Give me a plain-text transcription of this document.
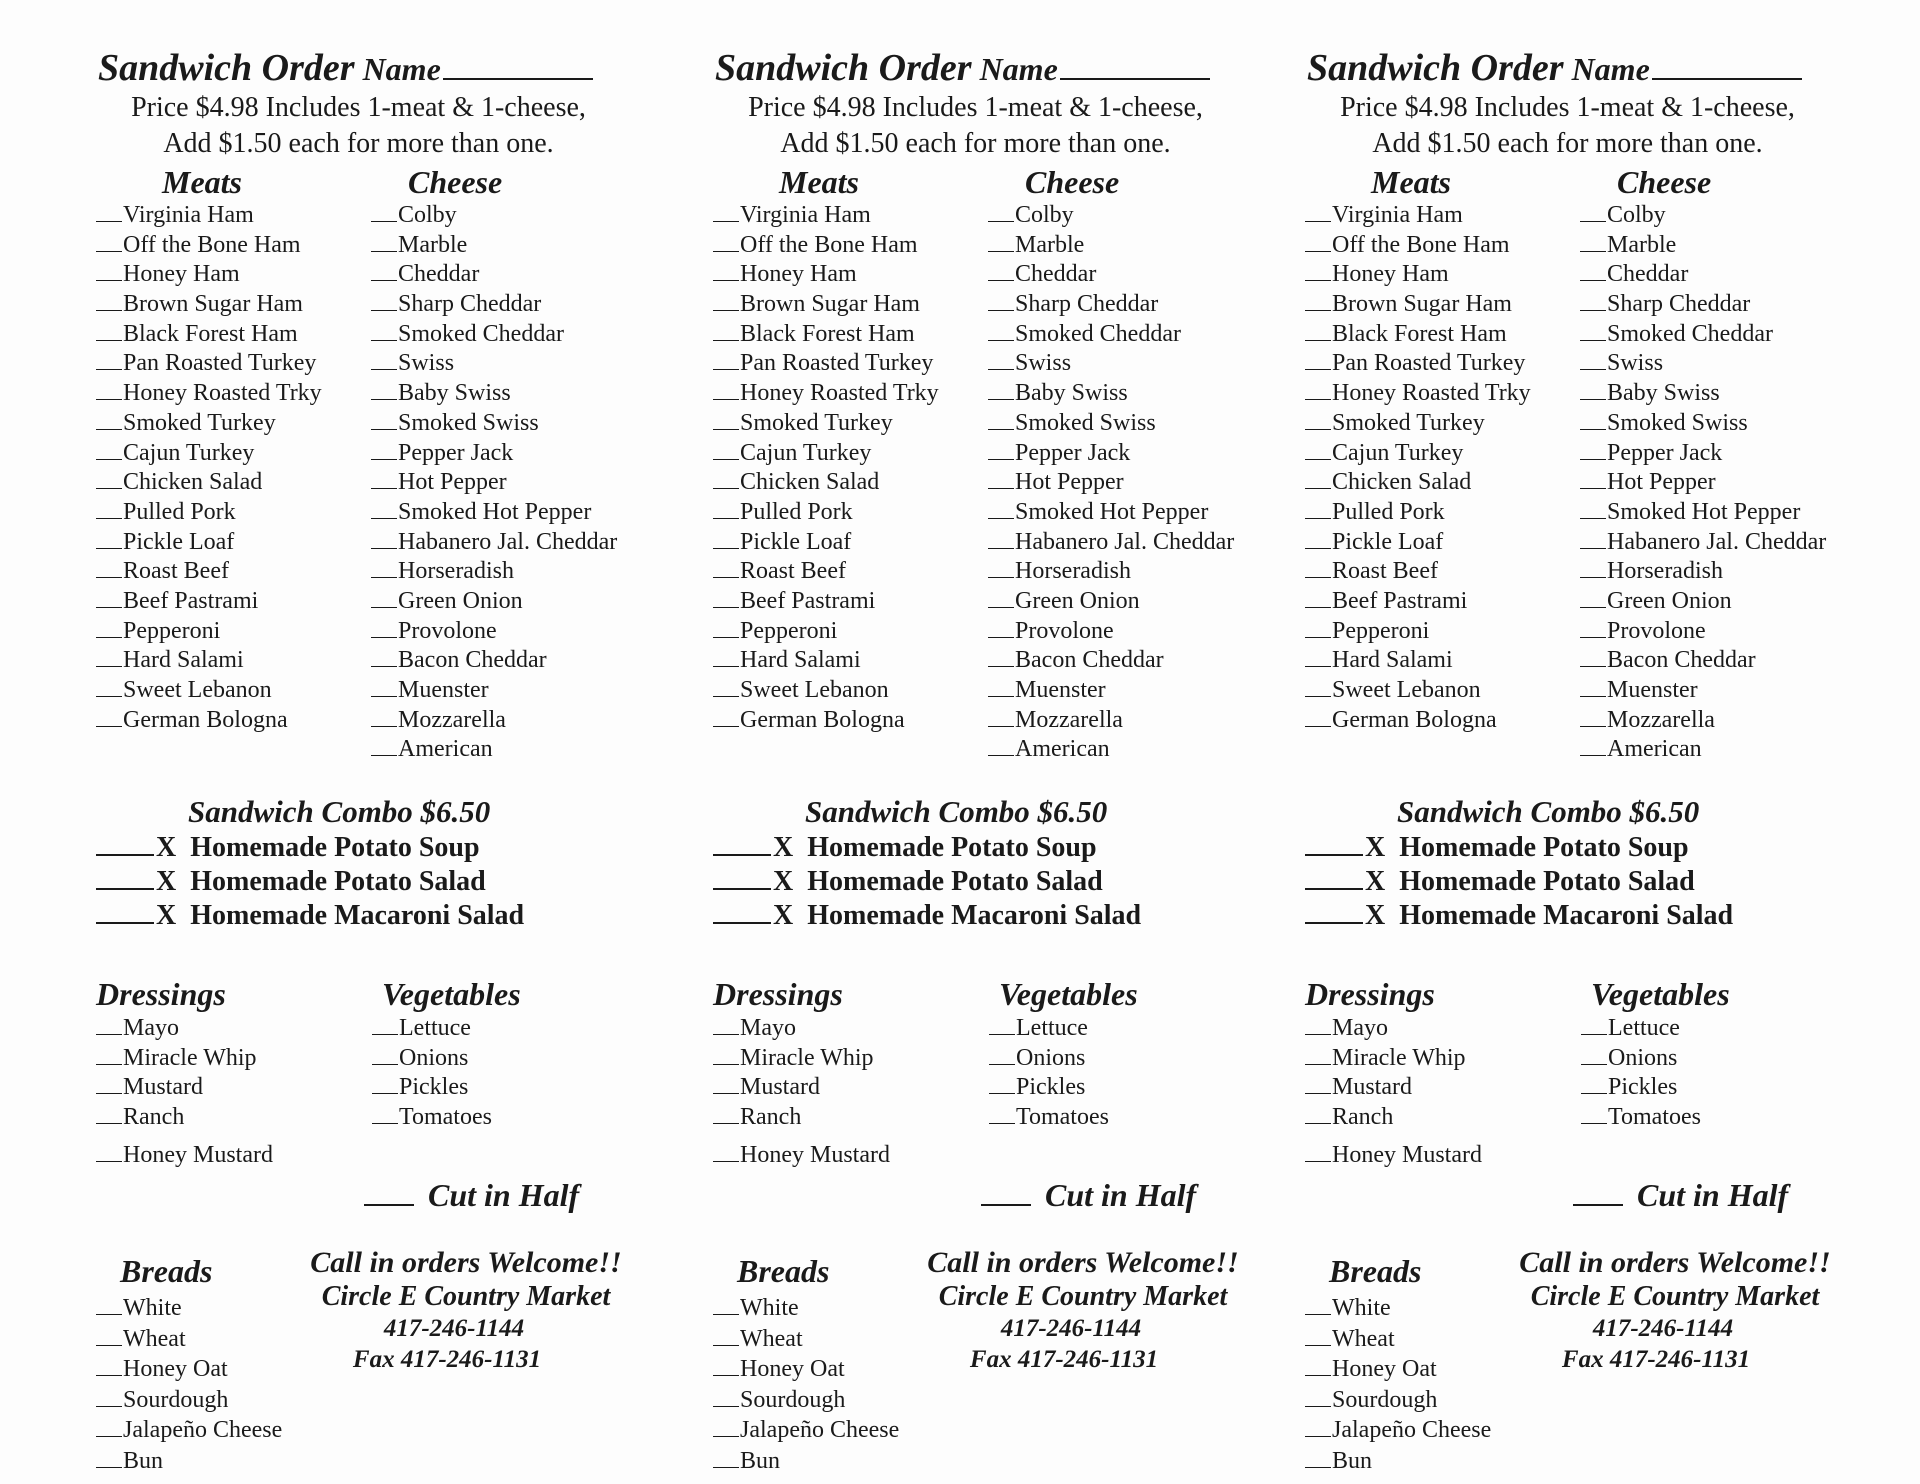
Sandwich Order Name
Price $4.98 Includes 1-meat & 1-cheese,
Add $1.50 each for more than one.
Meats	Cheese
Virginia Ham
Off the Bone Ham
Honey Ham
Brown Sugar Ham
Black Forest Ham
Pan Roasted Turkey
Honey Roasted Trky
Smoked Turkey
Cajun Turkey
Chicken Salad
Pulled Pork
Pickle Loaf
Roast Beef
Beef Pastrami
Pepperoni
Hard Salami
Sweet Lebanon
German Bologna
Colby
Marble
Cheddar
Sharp Cheddar
Smoked Cheddar
Swiss
Baby Swiss
Smoked Swiss
Pepper Jack
Hot Pepper
Smoked Hot Pepper
Habanero Jal. Cheddar
Horseradish
Green Onion
Provolone
Bacon Cheddar
Muenster
Mozzarella
American
Sandwich Combo $6.50
X  Homemade Potato Soup
X  Homemade Potato Salad
X  Homemade Macaroni Salad
Dressings	Vegetables
Mayo
Miracle Whip
Mustard
Ranch
Honey Mustard
Lettuce
Onions
Pickles
Tomatoes
Cut in Half
Breads
White
Wheat
Honey Oat
Sourdough
Jalapeño Cheese
Bun
Call in orders Welcome!!
Circle E Country Market
417-246-1144
Fax 417-246-1131
Sandwich Order Name
Price $4.98 Includes 1-meat & 1-cheese,
Add $1.50 each for more than one.
Meats	Cheese
Virginia Ham
Off the Bone Ham
Honey Ham
Brown Sugar Ham
Black Forest Ham
Pan Roasted Turkey
Honey Roasted Trky
Smoked Turkey
Cajun Turkey
Chicken Salad
Pulled Pork
Pickle Loaf
Roast Beef
Beef Pastrami
Pepperoni
Hard Salami
Sweet Lebanon
German Bologna
Colby
Marble
Cheddar
Sharp Cheddar
Smoked Cheddar
Swiss
Baby Swiss
Smoked Swiss
Pepper Jack
Hot Pepper
Smoked Hot Pepper
Habanero Jal. Cheddar
Horseradish
Green Onion
Provolone
Bacon Cheddar
Muenster
Mozzarella
American
Sandwich Combo $6.50
X  Homemade Potato Soup
X  Homemade Potato Salad
X  Homemade Macaroni Salad
Dressings	Vegetables
Mayo
Miracle Whip
Mustard
Ranch
Honey Mustard
Lettuce
Onions
Pickles
Tomatoes
Cut in Half
Breads
White
Wheat
Honey Oat
Sourdough
Jalapeño Cheese
Bun
Call in orders Welcome!!
Circle E Country Market
417-246-1144
Fax 417-246-1131
Sandwich Order Name
Price $4.98 Includes 1-meat & 1-cheese,
Add $1.50 each for more than one.
Meats	Cheese
Virginia Ham
Off the Bone Ham
Honey Ham
Brown Sugar Ham
Black Forest Ham
Pan Roasted Turkey
Honey Roasted Trky
Smoked Turkey
Cajun Turkey
Chicken Salad
Pulled Pork
Pickle Loaf
Roast Beef
Beef Pastrami
Pepperoni
Hard Salami
Sweet Lebanon
German Bologna
Colby
Marble
Cheddar
Sharp Cheddar
Smoked Cheddar
Swiss
Baby Swiss
Smoked Swiss
Pepper Jack
Hot Pepper
Smoked Hot Pepper
Habanero Jal. Cheddar
Horseradish
Green Onion
Provolone
Bacon Cheddar
Muenster
Mozzarella
American
Sandwich Combo $6.50
X  Homemade Potato Soup
X  Homemade Potato Salad
X  Homemade Macaroni Salad
Dressings	Vegetables
Mayo
Miracle Whip
Mustard
Ranch
Honey Mustard
Lettuce
Onions
Pickles
Tomatoes
Cut in Half
Breads
White
Wheat
Honey Oat
Sourdough
Jalapeño Cheese
Bun
Call in orders Welcome!!
Circle E Country Market
417-246-1144
Fax 417-246-1131
